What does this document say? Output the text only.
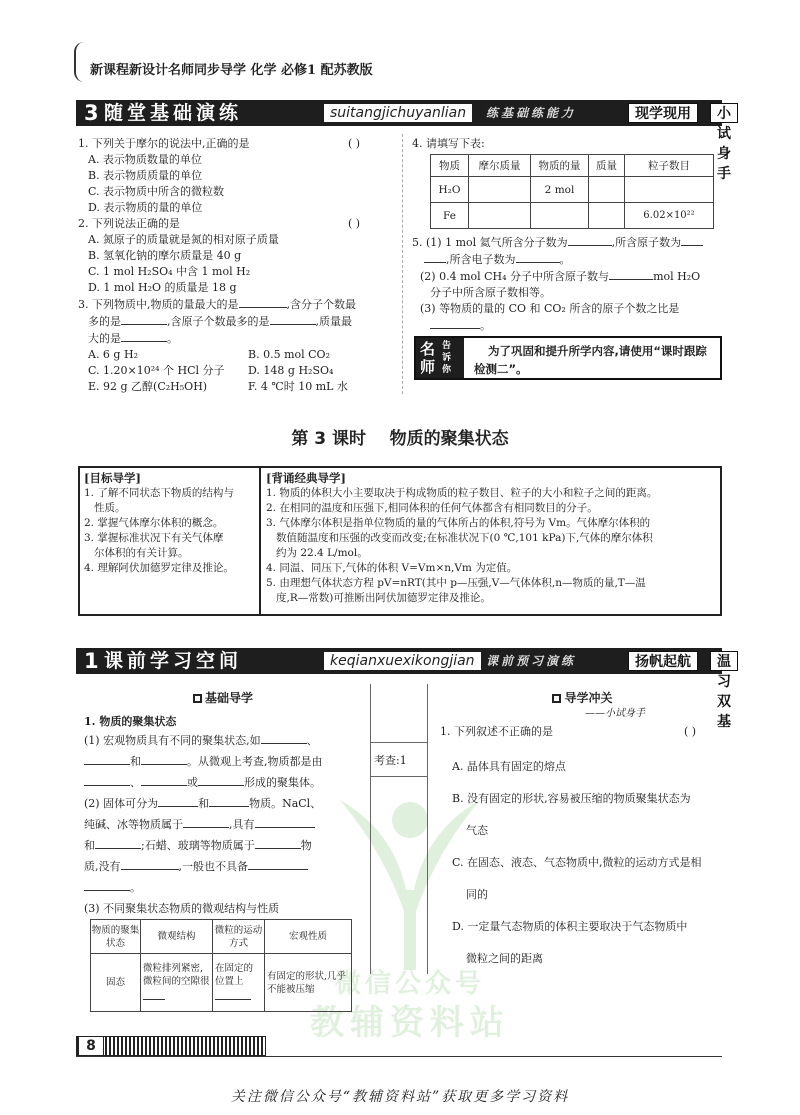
新课程新设计名师同步导学 化学 必修1 配苏教版
3 随堂基础演练	suitangjichuyanlian	练基础练能力	现学现用	小试身手
1. 下列关于摩尔的说法中,正确的是	( )
A. 表示物质数量的单位
B. 表示物质质量的单位
C. 表示物质中所含的微粒数
D. 表示物质的量的单位
2. 下列说法正确的是	( )
A. 氮原子的质量就是氮的相对原子质量
B. 氢氧化钠的摩尔质量是 40 g
C. 1 mol H₂SO₄ 中含 1 mol H₂
D. 1 mol H₂O 的质量是 18 g
3. 下列物质中,物质的量最大的是	,含分子个数最
多的是	,含原子个数最多的是	,质量最
大的是	。
A. 6 g H₂	B. 0.5 mol CO₂
C. 1.20×10²⁴ 个 HCl 分子 D. 148 g H₂SO₄
E. 92 g 乙醇(C₂H₅OH)	F. 4 ℃时 10 mL 水
4. 请填写下表:
物质	摩尔质量	物质的量	质量	粒子数目
H₂O		2 mol		
Fe				6.02×10²²
5. (1) 1 mol 氦气所含分子数为	,所含原子数为
,所含电子数为	。
(2) 0.4 mol CH₄ 分子中所含原子数与	mol H₂O
分子中所含原子数相等。
(3) 等物质的量的 CO 和 CO₂ 所含的原子个数之比是
。
名师
告诉你
为了巩固和提升所学内容,请使用“课时跟踪检测二”。
第 3 课时    物质的聚集状态
[目标导学]
1. 了解不同状态下物质的结构与
性质。
2. 掌握气体摩尔体积的概念。
3. 掌握标准状况下有关气体摩
尔体积的有关计算。
4. 理解阿伏加德罗定律及推论。
[背诵经典导学]
1. 物质的体积大小主要取决于构成物质的粒子数目、粒子的大小和粒子之间的距离。
2. 在相同的温度和压强下,相同体积的任何气体都含有相同数目的分子。
3. 气体摩尔体积是指单位物质的量的气体所占的体积,符号为 Vm。气体摩尔体积的
数值随温度和压强的改变而改变;在标准状况下(0 ℃,101 kPa)下,气体的摩尔体积
约为 22.4 L/mol。
4. 同温、同压下,气体的体积 V=Vm×n,Vm 为定值。
5. 由理想气体状态方程 pV=nRT(其中 p—压强,V—气体体积,n—物质的量,T—温
度,R—常数)可推断出阿伏加德罗定律及推论。
1 课前学习空间	keqianxuexikongjian 课前预习演练	扬帆起航	温习双基
微信公众号
教辅资料站
基础导学
1. 物质的聚集状态
(1) 宏观物质具有不同的聚集状态,如	、
和	。从微观上考查,物质都是由
、	或	形成的聚集体。
(2) 固体可分为	和	物质。NaCl、
纯碱、冰等物质属于	,具有
和	;石蜡、玻璃等物质属于	物
质,没有	,一般也不具备
。
(3) 不同聚集状态物质的微观结构与性质
物质的聚集状态	微观结构	微粒的运动方式	宏观性质
固态	微粒排列紧密,微粒间的空隙很	在固定的位置上	有固定的形状,几乎不能被压缩
考查:1
导学冲关
——小试身手
1. 下列叙述不正确的是	( )
A. 晶体具有固定的熔点
B. 没有固定的形状,容易被压缩的物质聚集状态为
气态
C. 在固态、液态、气态物质中,微粒的运动方式是相
同的
D. 一定量气态物质的体积主要取决于气态物质中
微粒之间的距离
8
关注微信公众号“教辅资料站”获取更多学习资料
